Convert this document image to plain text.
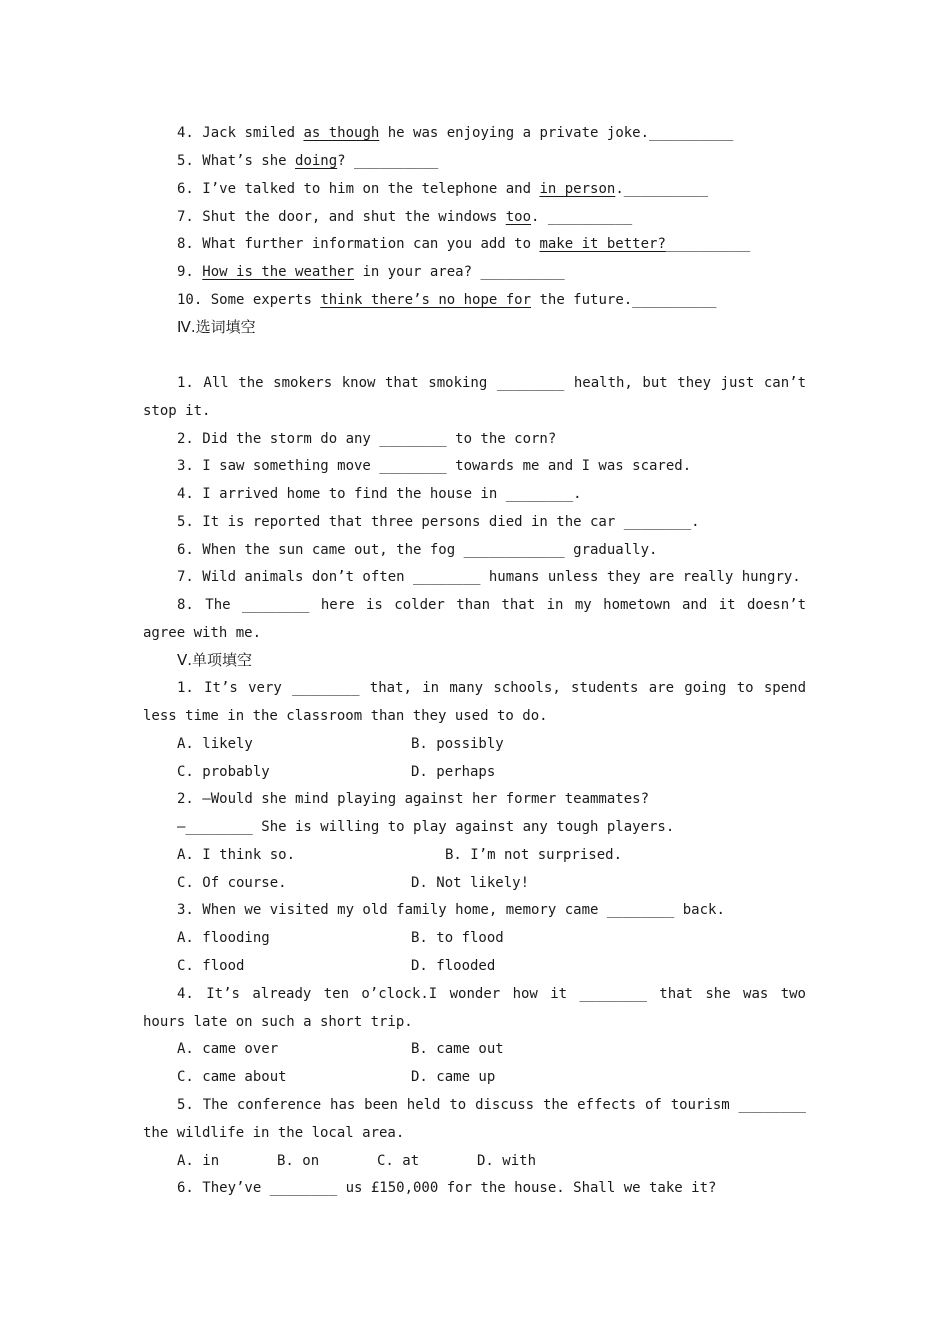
4. Jack smiled as though he was enjoying a private joke.__________
5. What’s she doing? __________
6. I’ve talked to him on the telephone and in person.__________
7. Shut the door, and shut the windows too. __________
8. What further information can you add to make it better?__________
9. How is the weather in your area? __________
10. Some experts think there’s no hope for the future.__________
Ⅳ.选词填空
1. All the smokers know that smoking ________ health, but they just can’t
stop it.
2. Did the storm do any ________ to the corn?
3. I saw something move ________ towards me and I was scared.
4. I arrived home to find the house in ________.
5. It is reported that three persons died in the car ________.
6. When the sun came out, the fog ____________ gradually.
7. Wild animals don’t often ________ humans unless they are really hungry.
8. The ________ here is colder than that in my hometown and it doesn’t
agree with me.
Ⅴ.单项填空
1. It’s very ________ that, in many schools, students are going to spend
less time in the classroom than they used to do.
A. likely	B. possibly
C. probably	D. perhaps
2. —Would she mind playing against her former teammates?
—________ She is willing to play against any tough players.
A. I think so.	B. I’m not surprised.
C. Of course.	D. Not likely!
3. When we visited my old family home, memory came ________ back.
A. flooding	B. to flood
C. flood	D. flooded
4. It’s already ten o’clock.I wonder how it ________ that she was two
hours late on such a short trip.
A. came over	B. came out
C. came about	D. came up
5. The conference has been held to discuss the effects of tourism ________
the wildlife in the local area.
A. in	B. on	C. at	D. with
6. They’ve ________ us £150,000 for the house. Shall we take it?
